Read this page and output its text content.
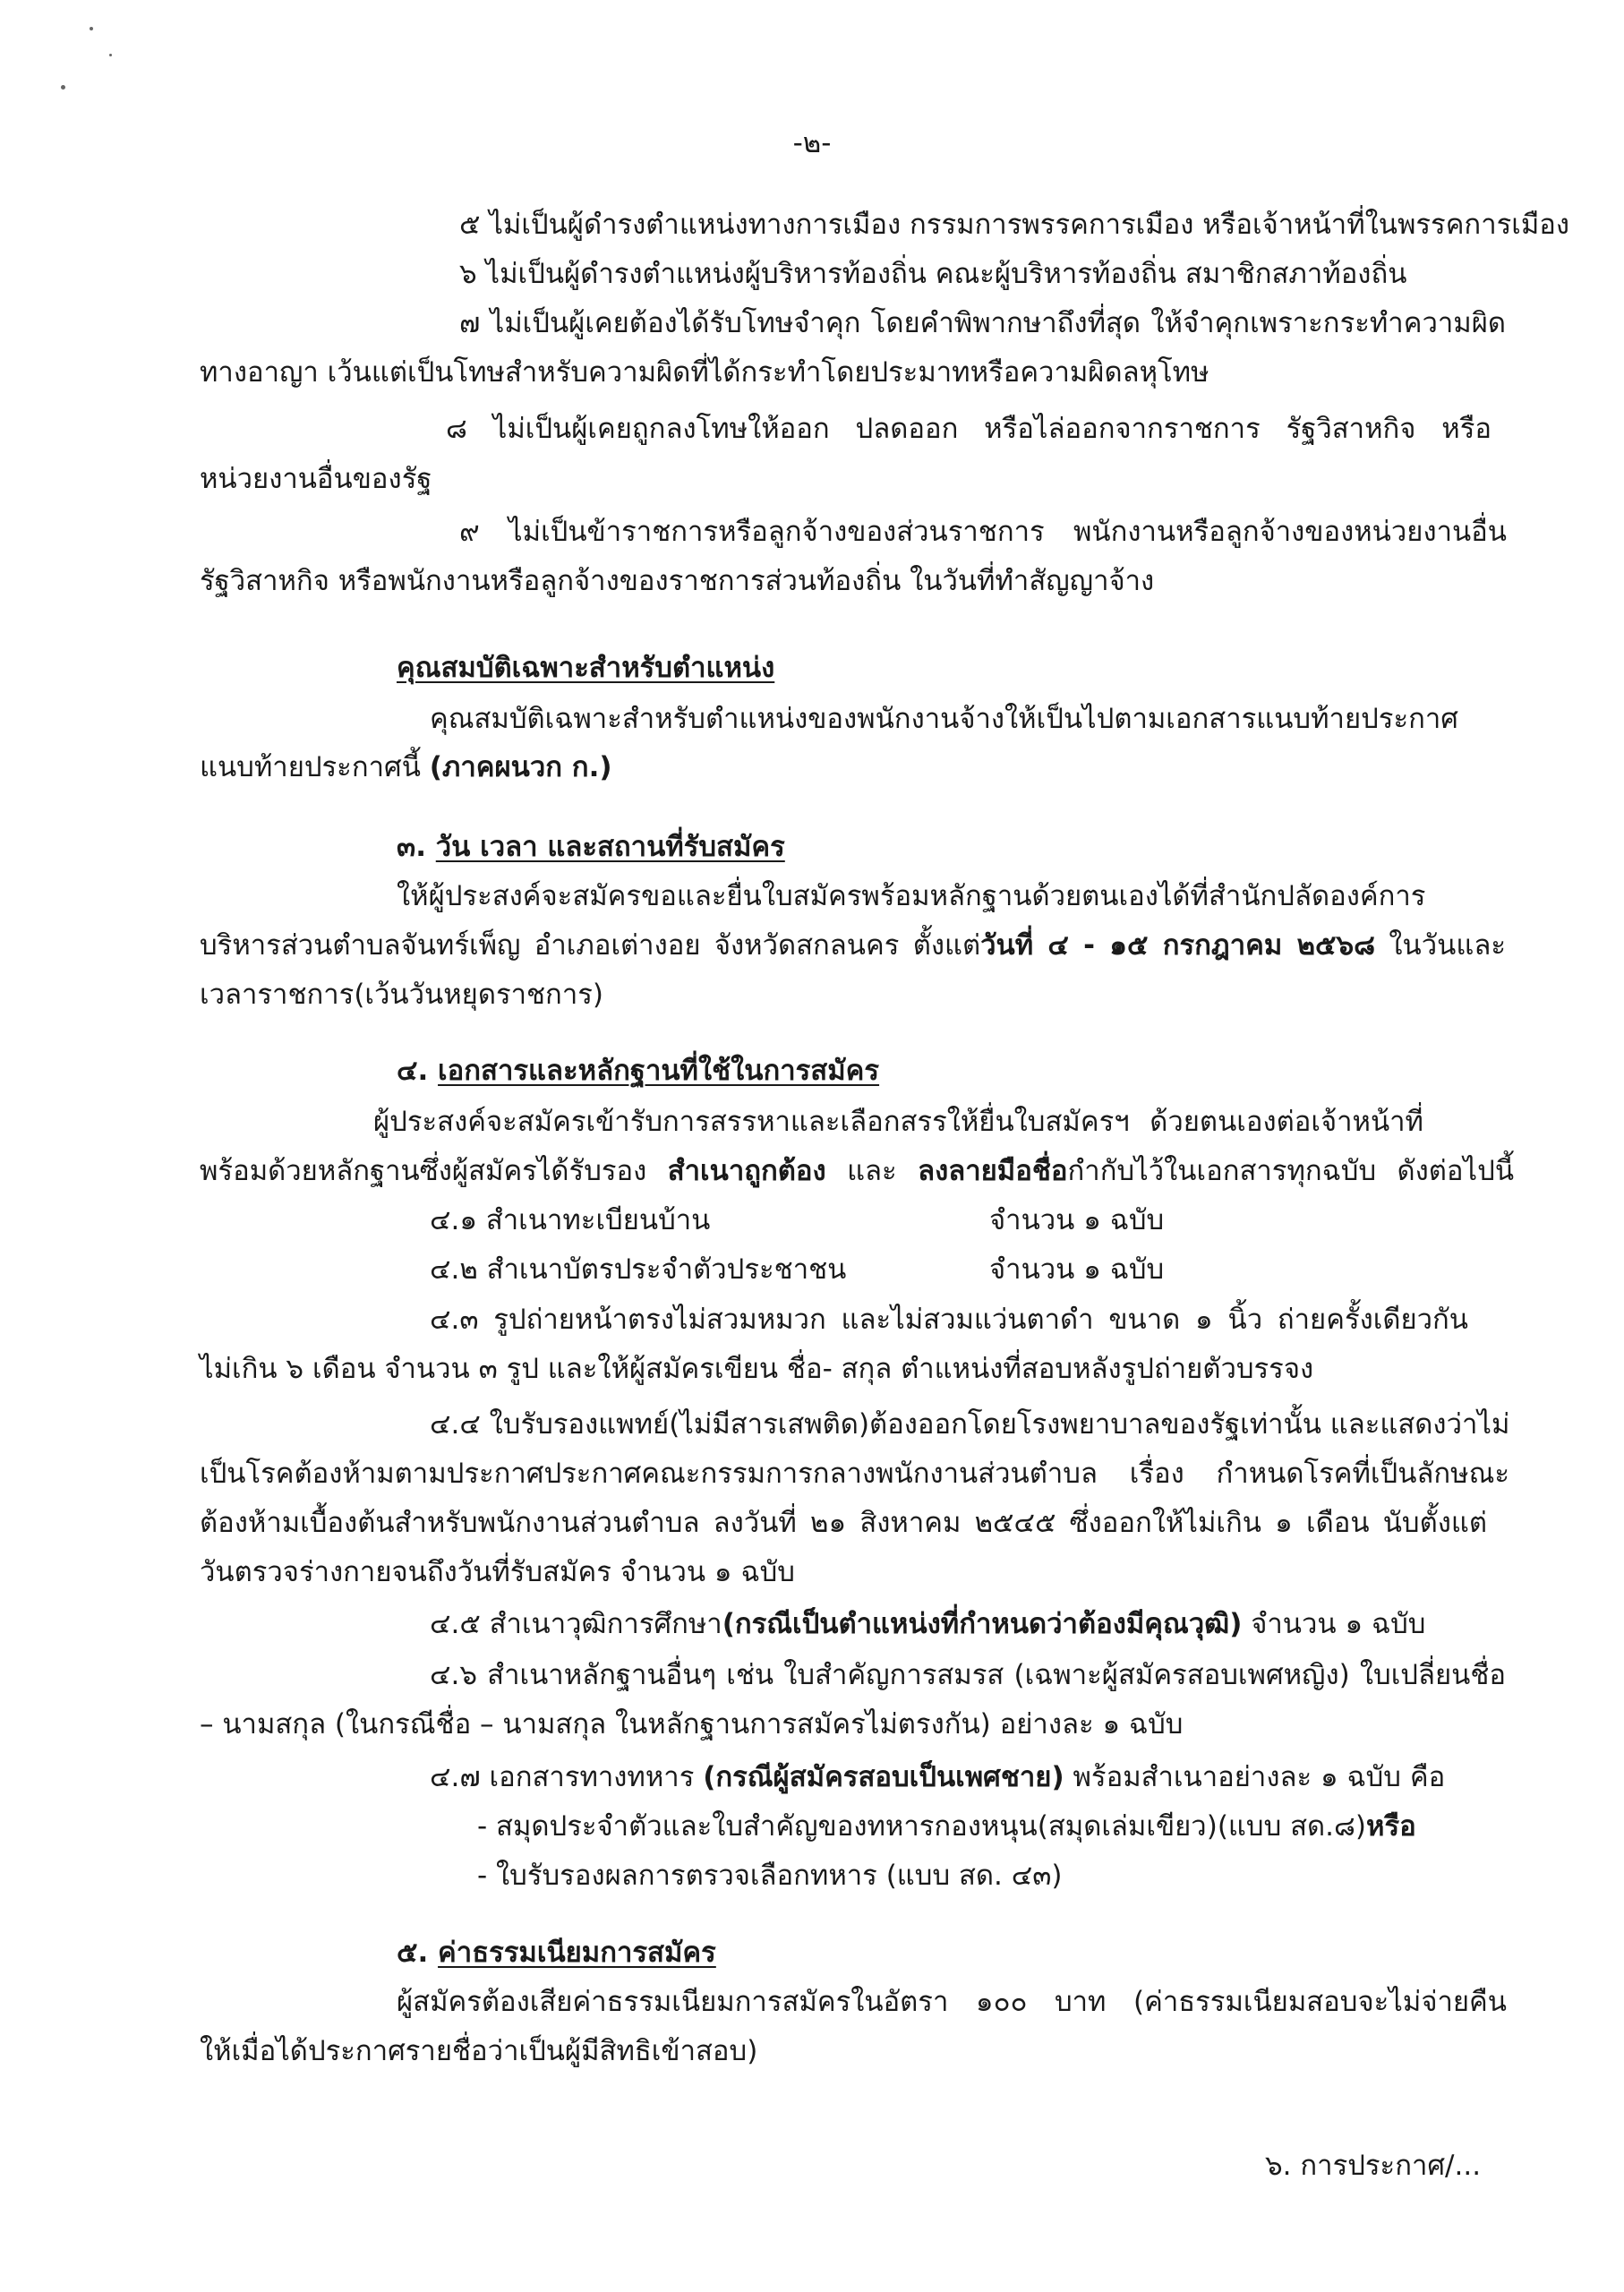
-๒-
๕ ไม่เป็นผู้ดำรงตำแหน่งทางการเมือง กรรมการพรรคการเมือง หรือเจ้าหน้าที่ในพรรคการเมือง
๖ ไม่เป็นผู้ดำรงตำแหน่งผู้บริหารท้องถิ่น คณะผู้บริหารท้องถิ่น สมาชิกสภาท้องถิ่น
๗ ไม่เป็นผู้เคยต้องได้รับโทษจำคุก โดยคำพิพากษาถึงที่สุด ให้จำคุกเพราะกระทำความผิด
ทางอาญา เว้นแต่เป็นโทษสำหรับความผิดที่ได้กระทำโดยประมาทหรือความผิดลหุโทษ
๘ ไม่เป็นผู้เคยถูกลงโทษให้ออก ปลดออก หรือไล่ออกจากราชการ รัฐวิสาหกิจ หรือ
หน่วยงานอื่นของรัฐ
๙ ไม่เป็นข้าราชการหรือลูกจ้างของส่วนราชการ พนักงานหรือลูกจ้างของหน่วยงานอื่น
รัฐวิสาหกิจ หรือพนักงานหรือลูกจ้างของราชการส่วนท้องถิ่น ในวันที่ทำสัญญาจ้าง
คุณสมบัติเฉพาะสำหรับตำแหน่ง
คุณสมบัติเฉพาะสำหรับตำแหน่งของพนักงานจ้างให้เป็นไปตามเอกสารแนบท้ายประกาศ
แนบท้ายประกาศนี้ (ภาคผนวก ก.)
๓. วัน เวลา และสถานที่รับสมัคร
ให้ผู้ประสงค์จะสมัครขอและยื่นใบสมัครพร้อมหลักฐานด้วยตนเองได้ที่สำนักปลัดองค์การ
บริหารส่วนตำบลจันทร์เพ็ญ อำเภอเต่างอย จังหวัดสกลนคร ตั้งแต่วันที่ ๔ - ๑๕ กรกฎาคม ๒๕๖๘ ในวันและ
เวลาราชการ(เว้นวันหยุดราชการ)
๔. เอกสารและหลักฐานที่ใช้ในการสมัคร
ผู้ประสงค์จะสมัครเข้ารับการสรรหาและเลือกสรรให้ยื่นใบสมัครฯ ด้วยตนเองต่อเจ้าหน้าที่
พร้อมด้วยหลักฐานซึ่งผู้สมัครได้รับรอง สำเนาถูกต้อง และ ลงลายมือชื่อกำกับไว้ในเอกสารทุกฉบับ ดังต่อไปนี้
๔.๑ สำเนาทะเบียนบ้าน	จำนวน ๑ ฉบับ
๔.๒ สำเนาบัตรประจำตัวประชาชน	จำนวน ๑ ฉบับ
๔.๓ รูปถ่ายหน้าตรงไม่สวมหมวก และไม่สวมแว่นตาดำ ขนาด ๑ นิ้ว ถ่ายครั้งเดียวกัน
ไม่เกิน ๖ เดือน จำนวน ๓ รูป และให้ผู้สมัครเขียน ชื่อ- สกุล ตำแหน่งที่สอบหลังรูปถ่ายตัวบรรจง
๔.๔ ใบรับรองแพทย์(ไม่มีสารเสพติด)ต้องออกโดยโรงพยาบาลของรัฐเท่านั้น และแสดงว่าไม่
เป็นโรคต้องห้ามตามประกาศประกาศคณะกรรมการกลางพนักงานส่วนตำบล เรื่อง กำหนดโรคที่เป็นลักษณะ
ต้องห้ามเบื้องต้นสำหรับพนักงานส่วนตำบล ลงวันที่ ๒๑ สิงหาคม ๒๕๔๕ ซึ่งออกให้ไม่เกิน ๑ เดือน นับตั้งแต่
วันตรวจร่างกายจนถึงวันที่รับสมัคร จำนวน ๑ ฉบับ
๔.๕ สำเนาวุฒิการศึกษา(กรณีเป็นตำแหน่งที่กำหนดว่าต้องมีคุณวุฒิ) จำนวน ๑ ฉบับ
๔.๖ สำเนาหลักฐานอื่นๆ เช่น ใบสำคัญการสมรส (เฉพาะผู้สมัครสอบเพศหญิง) ใบเปลี่ยนชื่อ
– นามสกุล (ในกรณีชื่อ – นามสกุล ในหลักฐานการสมัครไม่ตรงกัน) อย่างละ ๑ ฉบับ
๔.๗ เอกสารทางทหาร (กรณีผู้สมัครสอบเป็นเพศชาย) พร้อมสำเนาอย่างละ ๑ ฉบับ คือ
- สมุดประจำตัวและใบสำคัญของทหารกองหนุน(สมุดเล่มเขียว)(แบบ สด.๘)หรือ
- ใบรับรองผลการตรวจเลือกทหาร (แบบ สด. ๔๓)
๕. ค่าธรรมเนียมการสมัคร
ผู้สมัครต้องเสียค่าธรรมเนียมการสมัครในอัตรา ๑๐๐ บาท (ค่าธรรมเนียมสอบจะไม่จ่ายคืน
ให้เมื่อได้ประกาศรายชื่อว่าเป็นผู้มีสิทธิเข้าสอบ)
๖. การประกาศ/...
